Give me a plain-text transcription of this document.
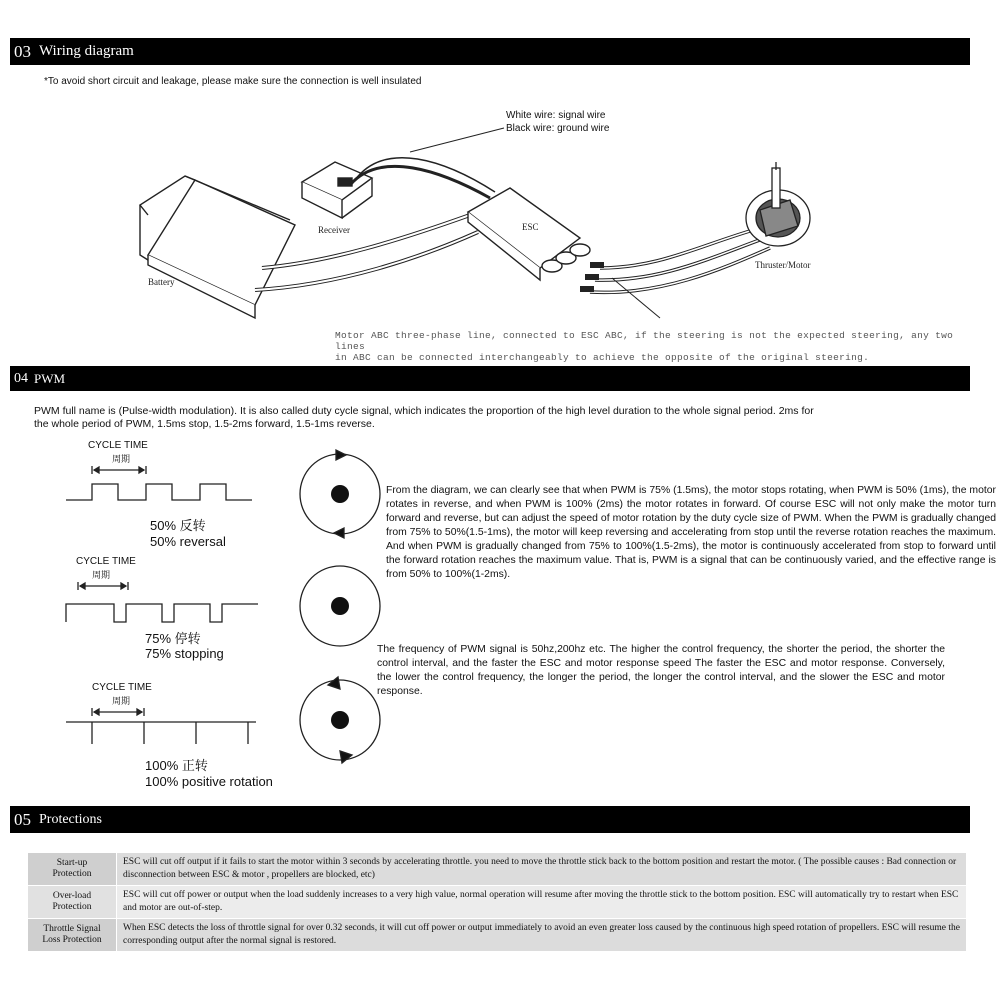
03 Wiring diagram
*To avoid short circuit and leakage, please make sure the connection is well insulated
White wire: signal wire
Black wire: ground wire
Receiver	ESC
Battery
Thruster/Motor
Motor ABC three-phase line, connected to ESC ABC, if the steering is not the expected steering, any two lines
in ABC can be connected interchangeably to achieve the opposite of the original steering.
04 PWM
PWM full name is (Pulse-width modulation). It is also called duty cycle signal, which indicates the proportion of the high level duration to the whole signal period. 2ms for
the whole period of PWM, 1.5ms stop, 1.5-2ms forward, 1.5-1ms reverse.
CYCLE TIME
周期
50% 反转
50% reversal
CYCLE TIME
周期
75% 停转
75% stopping
CYCLE TIME
周期
100% 正转
100% positive rotation
From the diagram, we can clearly see that when PWM is 75% (1.5ms), the motor stops rotating, when PWM is 50% (1ms), the motor rotates in reverse, and when PWM is 100% (2ms) the motor rotates in forward. Of course ESC will not only make the motor turn forward and reverse, but can adjust the speed of motor rotation by the duty cycle size of PWM. When the PWM is gradually changed from 75% to 50%(1.5-1ms), the motor will keep reversing and accelerating from stop until the reverse rotation reaches the maximum. And when PWM is gradually changed from 75% to 100%(1.5-2ms), the motor is continuously accelerated from stop to forward until the forward rotation reaches the maximum value. That is, PWM is a signal that can be continuously varied, and the effective range is from 50% to 100%(1-2ms).
The frequency of PWM signal is 50hz,200hz etc. The higher the control frequency, the shorter the period, the shorter the control interval, and the faster the ESC and motor response speed The faster the ESC and motor response. Conversely, the lower the control frequency, the longer the period, the longer the control interval, and the slower the ESC and motor response.
05 Protections
Start-up
Protection	ESC will cut off output if it fails to start the motor within 3 seconds by accelerating throttle. you need to move the throttle stick back to the bottom position and restart the motor. ( The possible causes : Bad connection or disconnection between ESC & motor , propellers are blocked, etc)

Over-load
Protection	ESC will cut off power or output when the load suddenly increases to a very high value, normal operation will resume after moving the throttle stick to the bottom position. ESC will automatically try to restart when ESC and motor are out-of-step.

Throttle Signal
Loss Protection	When ESC detects the loss of throttle signal for over 0.32 seconds, it will cut off power or output immediately to avoid an even greater loss caused by the continuous high speed rotation of propellers. ESC will resume the corresponding output after the normal signal is restored.
